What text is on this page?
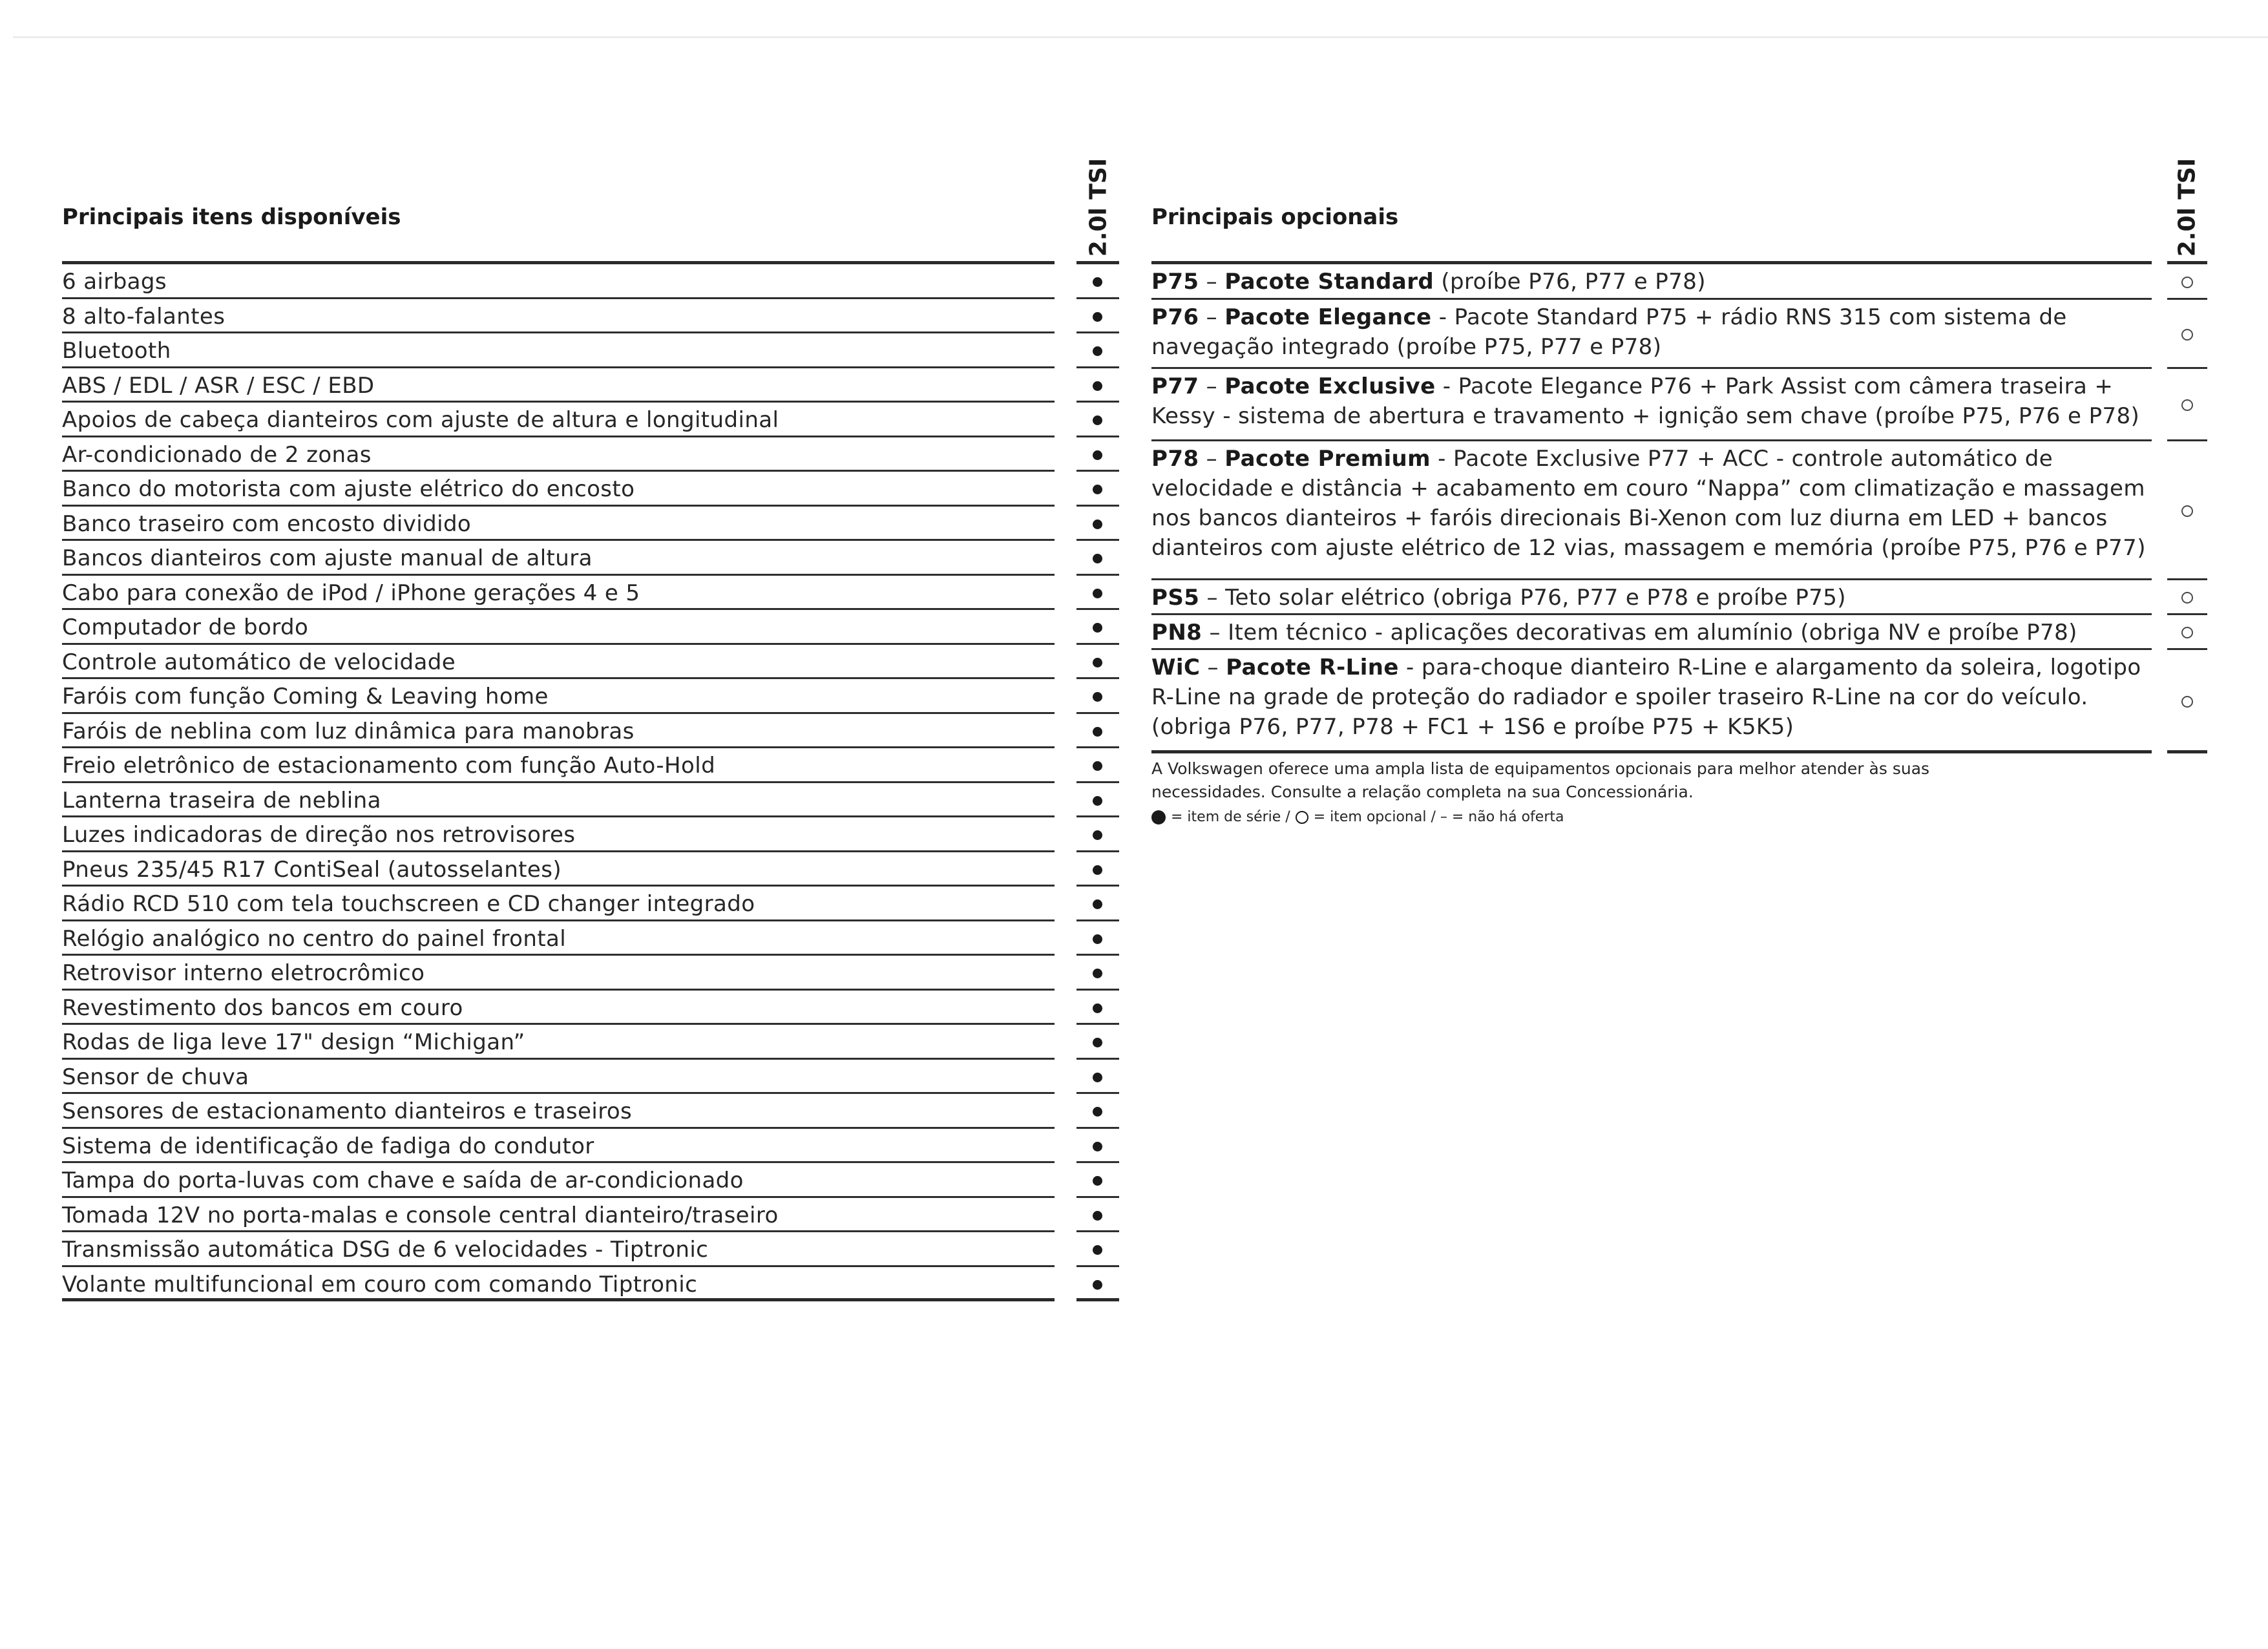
Principais itens disponíveis	2.0l TSI
6 airbags
8 alto-falantes
Bluetooth
ABS / EDL / ASR / ESC / EBD
Apoios de cabeça dianteiros com ajuste de altura e longitudinal
Ar-condicionado de 2 zonas
Banco do motorista com ajuste elétrico do encosto
Banco traseiro com encosto dividido
Bancos dianteiros com ajuste manual de altura
Cabo para conexão de iPod / iPhone gerações 4 e 5
Computador de bordo
Controle automático de velocidade
Faróis com função Coming & Leaving home
Faróis de neblina com luz dinâmica para manobras
Freio eletrônico de estacionamento com função Auto-Hold
Lanterna traseira de neblina
Luzes indicadoras de direção nos retrovisores
Pneus 235/45 R17 ContiSeal (autosselantes)
Rádio RCD 510 com tela touchscreen e CD changer integrado
Relógio analógico no centro do painel frontal
Retrovisor interno eletrocrômico
Revestimento dos bancos em couro
Rodas de liga leve 17" design “Michigan”
Sensor de chuva
Sensores de estacionamento dianteiros e traseiros
Sistema de identificação de fadiga do condutor
Tampa do porta-luvas com chave e saída de ar-condicionado
Tomada 12V no porta-malas e console central dianteiro/traseiro
Transmissão automática DSG de 6 velocidades - Tiptronic
Volante multifuncional em couro com comando Tiptronic
Principais opcionais	2.0l TSI
P75 – Pacote Standard (proíbe P76, P77 e P78)
P76 – Pacote Elegance - Pacote Standard P75 + rádio RNS 315 com sistema de navegação integrado (proíbe P75, P77 e P78)
P77 – Pacote Exclusive - Pacote Elegance P76 + Park Assist com câmera traseira + Kessy - sistema de abertura e travamento + ignição sem chave (proíbe P75, P76 e P78)
P78 – Pacote Premium - Pacote Exclusive P77 + ACC - controle automático de velocidade e distância + acabamento em couro “Nappa” com climatização e massagem nos bancos dianteiros + faróis direcionais Bi-Xenon com luz diurna em LED + bancos dianteiros com ajuste elétrico de 12 vias, massagem e memória (proíbe P75, P76 e P77)
PS5 – Teto solar elétrico (obriga P76, P77 e P78 e proíbe P75)
PN8 – Item técnico - aplicações decorativas em alumínio (obriga NV e proíbe P78)
WiC – Pacote R-Line - para-choque dianteiro R-Line e alargamento da soleira, logotipo R-Line na grade de proteção do radiador e spoiler traseiro R-Line na cor do veículo. (obriga P76, P77, P78 + FC1 + 1S6 e proíbe P75 + K5K5)
A Volkswagen oferece uma ampla lista de equipamentos opcionais para melhor atender às suas necessidades. Consulte a relação completa na sua Concessionária.
= item de série / = item opcional / – = não há oferta
